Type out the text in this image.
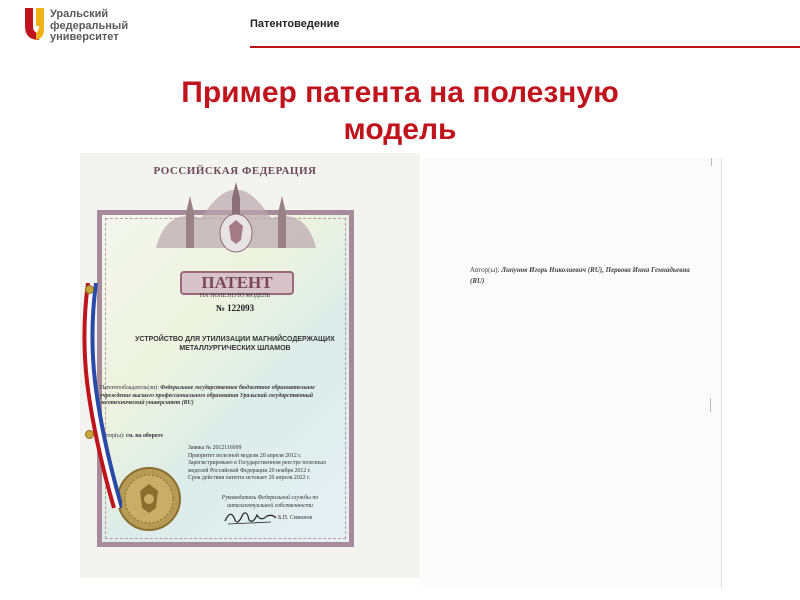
Уральский
федеральный
университет
Патентоведение
Пример патента на полезную
модель
РОССИЙСКАЯ ФЕДЕРАЦИЯ
ПАТЕНТ
НА ПОЛЕЗНУЮ МОДЕЛЬ
№ 122093
УСТРОЙСТВО ДЛЯ УТИЛИЗАЦИИ МАГНИЙСОДЕРЖАЩИХ МЕТАЛЛУРГИЧЕСКИХ ШЛАМОВ
Патентообладатель(ли): Федеральное государственное бюджетное образовательное учреждение высшего профессионального образования Уральский государственный лесотехнический университет (RU)
Автор(ы): см. на обороте
Заявка № 2012116099
Приоритет полезной модели 20 апреля 2012 г.
Зарегистрировано в Государственном реестре полезных моделей Российской Федерации 20 ноября 2012 г.
Срок действия патента истекает 20 апреля 2022 г.
Руководитель Федеральной службы по интеллектуальной собственности
Б.П. Симонов
Автор(ы): Липунов Игорь Николаевич (RU), Первова Инна Геннадьевна (RU)
